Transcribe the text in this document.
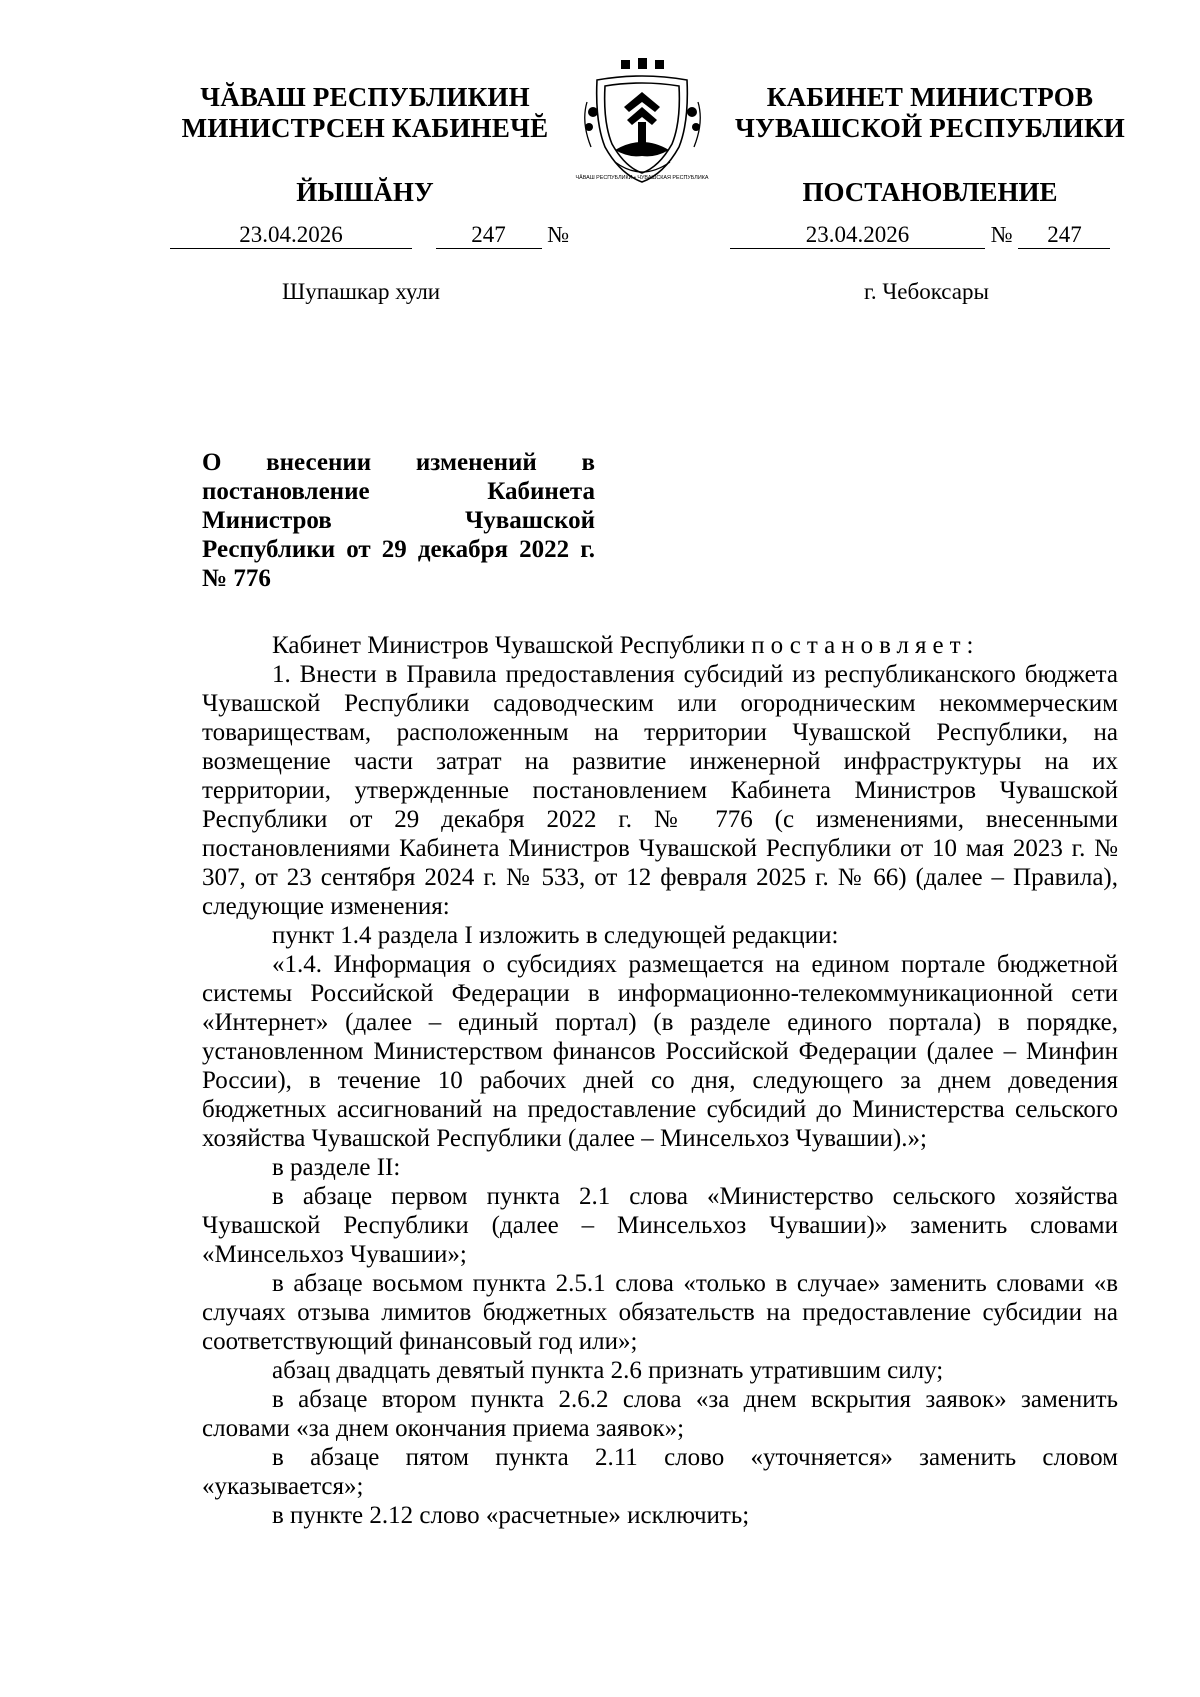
ЧĂВАШ РЕСПУБЛИКИН
МИНИСТРСЕН КАБИНЕЧĔ
ЙЫШĂНУ	ЧĂВАШ РЕСПУБЛИКИ • ЧУВАШСКАЯ РЕСПУБЛИКА
КАБИНЕТ МИНИСТРОВ
ЧУВАШСКОЙ РЕСПУБЛИКИ
ПОСТАНОВЛЕНИЕ
23.04.2026	247 №	23.04.2026	№ 247
Шупашкар хули	г. Чебоксары
О внесении изменений в постановление Кабинета Министров Чувашской Республики от 29 декабря 2022 г. № 776

Кабинет Министров Чувашской Республики постановляет:

1. Внести в Правила предоставления субсидий из республиканского бюджета Чувашской Республики садоводческим или огородническим некоммерческим товариществам, расположенным на территории Чувашской Республики, на возмещение части затрат на развитие инженерной инфраструктуры на их территории, утвержденные постановлением Кабинета Министров Чувашской Республики от 29 декабря 2022 г. № 776 (с изменениями, внесенными постановлениями Кабинета Министров Чувашской Республики от 10 мая 2023 г. № 307, от 23 сентября 2024 г. № 533, от 12 февраля 2025 г. № 66) (далее – Правила), следующие изменения:

пункт 1.4 раздела I изложить в следующей редакции:

«1.4. Информация о субсидиях размещается на едином портале бюджетной системы Российской Федерации в информационно-телекоммуникационной сети «Интернет» (далее – единый портал) (в разделе единого портала) в порядке, установленном Министерством финансов Российской Федерации (далее – Минфин России), в течение 10 рабочих дней со дня, следующего за днем доведения бюджетных ассигнований на предоставление субсидий до Министерства сельского хозяйства Чувашской Республики (далее – Минсельхоз Чувашии).»;

в разделе II:

в абзаце первом пункта 2.1 слова «Министерство сельского хозяйства Чувашской Республики (далее – Минсельхоз Чувашии)» заменить словами «Минсельхоз Чувашии»;

в абзаце восьмом пункта 2.5.1 слова «только в случае» заменить словами «в случаях отзыва лимитов бюджетных обязательств на предоставление субсидии на соответствующий финансовый год или»;

абзац двадцать девятый пункта 2.6 признать утратившим силу;

в абзаце втором пункта 2.6.2 слова «за днем вскрытия заявок» заменить словами «за днем окончания приема заявок»;

в абзаце пятом пункта 2.11 слово «уточняется» заменить словом «указывается»;

в пункте 2.12 слово «расчетные» исключить;
